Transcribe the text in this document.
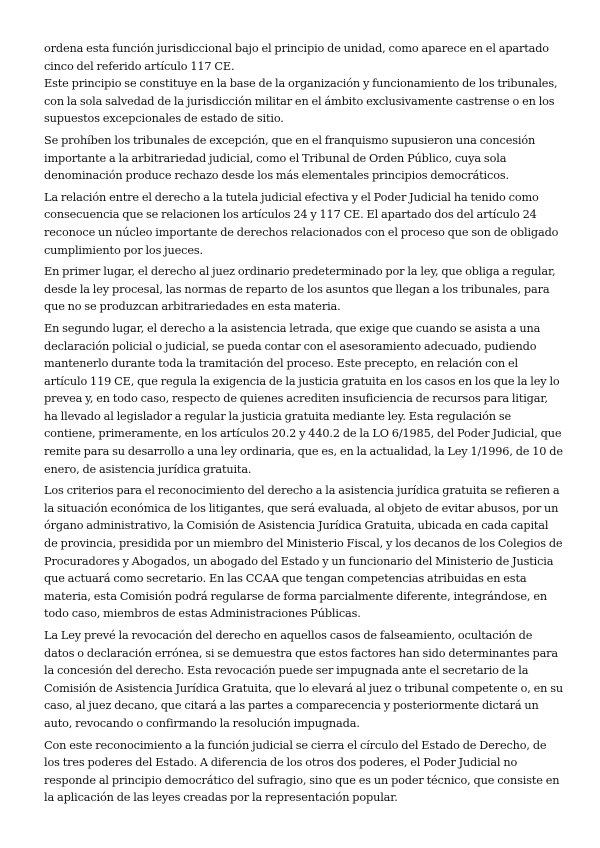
ordena esta función jurisdiccional bajo el principio de unidad, como aparece en el apartado cinco del referido artículo 117 CE.

Este principio se constituye en la base de la organización y funcionamiento de los tribunales, con la sola salvedad de la jurisdicción militar en el ámbito exclusivamente castrense o en los supuestos excepcionales de estado de sitio.

Se prohíben los tribunales de excepción, que en el franquismo supusieron una concesión importante a la arbitrariedad judicial, como el Tribunal de Orden Público, cuya sola denominación produce rechazo desde los más elementales principios democráticos.

La relación entre el derecho a la tutela judicial efectiva y el Poder Judicial ha tenido como consecuencia que se relacionen los artículos 24 y 117 CE. El apartado dos del artículo 24 reconoce un núcleo importante de derechos relacionados con el proceso que son de obligado cumplimiento por los jueces.

En primer lugar, el derecho al juez ordinario predeterminado por la ley, que obliga a regular, desde la ley procesal, las normas de reparto de los asuntos que llegan a los tribunales, para que no se produzcan arbitrariedades en esta materia.

En segundo lugar, el derecho a la asistencia letrada, que exige que cuando se asista a una declaración policial o judicial, se pueda contar con el asesoramiento adecuado, pudiendo mantenerlo durante toda la tramitación del proceso. Este precepto, en relación con el artículo 119 CE, que regula la exigencia de la justicia gratuita en los casos en los que la ley lo prevea y, en todo caso, respecto de quienes acrediten insuficiencia de recursos para litigar, ha llevado al legislador a regular la justicia gratuita mediante ley. Esta regulación se contiene, primeramente, en los artículos 20.2 y 440.2 de la LO 6/1985, del Poder Judicial, que remite para su desarrollo a una ley ordinaria, que es, en la actualidad, la Ley 1/1996, de 10 de enero, de asistencia jurídica gratuita.

Los criterios para el reconocimiento del derecho a la asistencia jurídica gratuita se refieren a la situación económica de los litigantes, que será evaluada, al objeto de evitar abusos, por un órgano administrativo, la Comisión de Asistencia Jurídica Gratuita, ubicada en cada capital de provincia, presidida por un miembro del Ministerio Fiscal, y los decanos de los Colegios de Procuradores y Abogados, un abogado del Estado y un funcionario del Ministerio de Justicia que actuará como secretario. En las CCAA que tengan competencias atribuidas en esta materia, esta Comisión podrá regularse de forma parcialmente diferente, integrándose, en todo caso, miembros de estas Administraciones Públicas.

La Ley prevé la revocación del derecho en aquellos casos de falseamiento, ocultación de datos o declaración errónea, si se demuestra que estos factores han sido determinantes para la concesión del derecho. Esta revocación puede ser impugnada ante el secretario de la Comisión de Asistencia Jurídica Gratuita, que lo elevará al juez o tribunal competente o, en su caso, al juez decano, que citará a las partes a comparecencia y posteriormente dictará un auto, revocando o confirmando la resolución impugnada.

Con este reconocimiento a la función judicial se cierra el círculo del Estado de Derecho, de los tres poderes del Estado. A diferencia de los otros dos poderes, el Poder Judicial no responde al principio democrático del sufragio, sino que es un poder técnico, que consiste en la aplicación de las leyes creadas por la representación popular.
